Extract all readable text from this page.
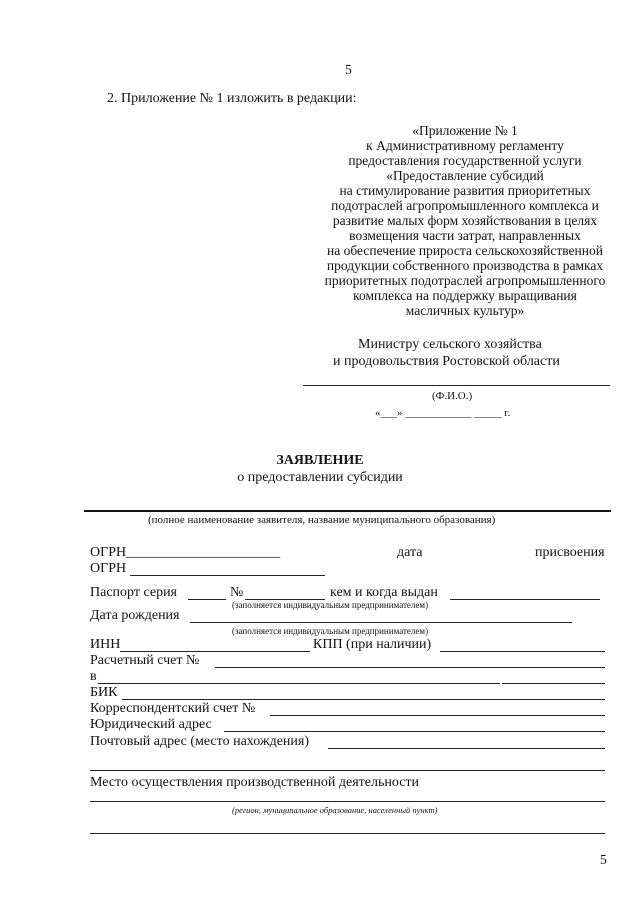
5
2. Приложение № 1 изложить в редакции:
«Приложение № 1
к Административному регламенту
предоставления государственной услуги
«Предоставление субсидий
на стимулирование развития приоритетных
подотраслей агропромышленного комплекса и
развитие малых форм хозяйствования в целях
возмещения части затрат, направленных
на обеспечение прироста сельскохозяйственной
продукции собственного производства в рамках
приоритетных подотраслей агропромышленного
комплекса на поддержку выращивания
масличных культур»
Министру сельского хозяйства
и продовольствия Ростовской области
(Ф.И.О.)
«___» ____________ _____ г.
ЗАЯВЛЕНИЕ
о предоставлении субсидии
(полное наименование заявителя, название муниципального образования)
ОГРН______________________	дата	присвоения
ОГРН
Паспорт серия	№	кем и когда выдан
(заполняется индивидуальным предпринимателем)
Дата рождения
(заполняется индивидуальным предпринимателем)
ИНН	КПП (при наличии)
Расчетный счет №
в
БИК
Корреспондентский счет №
Юридический адрес
Почтовый адрес (место нахождения)
Место осуществления производственной деятельности
(регион, муниципальное образование, населенный пункт)
5
